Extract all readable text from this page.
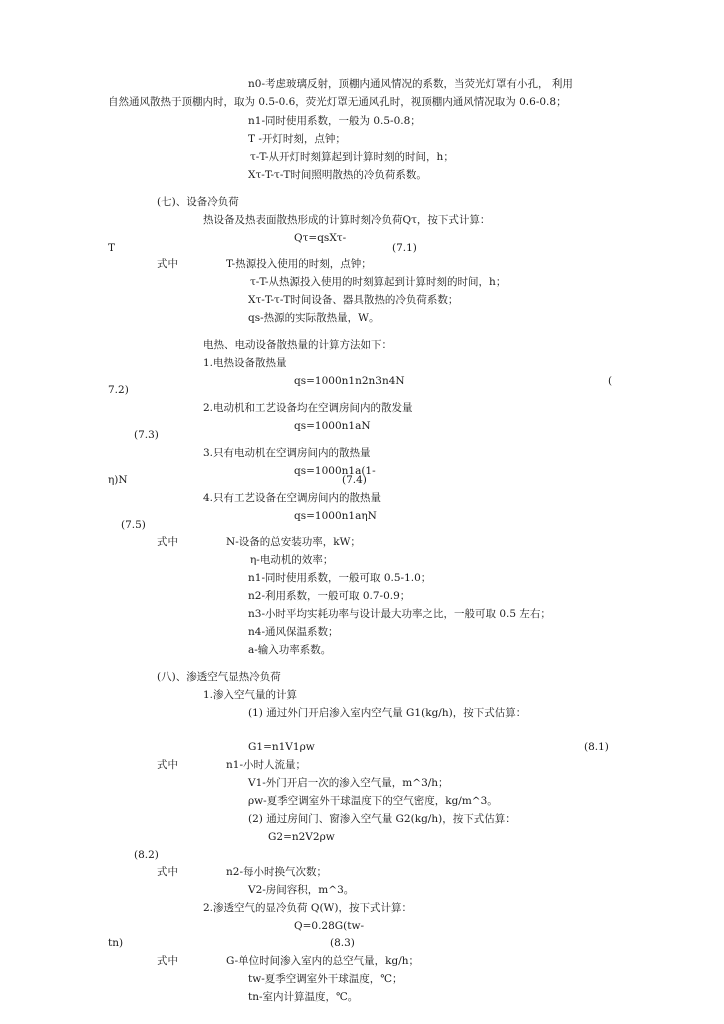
n0-考虑玻璃反射，顶棚内通风情况的系数，当荧光灯罩有小孔， 利用
自然通风散热于顶棚内时，取为 0.5-0.6，荧光灯罩无通风孔时，视顶棚内通风情况取为 0.6-0.8；
n1-同时使用系数，一般为 0.5-0.8；
T -开灯时刻，点钟；
τ-T-从开灯时刻算起到计算时刻的时间，h；
Xτ-T-τ-T时间照明散热的冷负荷系数。
(七)、设备冷负荷
热设备及热表面散热形成的计算时刻冷负荷Qτ，按下式计算：
Qτ=qsXτ-
T	(7.1)
式中	T-热源投入使用的时刻，点钟；
τ-T-从热源投入使用的时刻算起到计算时刻的时间，h；
Xτ-T-τ-T时间设备、器具散热的冷负荷系数；
qs-热源的实际散热量，W。
电热、电动设备散热量的计算方法如下：
1.电热设备散热量
qs=1000n1n2n3n4N	(
7.2)
2.电动机和工艺设备均在空调房间内的散发量
qs=1000n1aN
(7.3)
3.只有电动机在空调房间内的散热量
qs=1000n1a(1-
η)N	(7.4)
4.只有工艺设备在空调房间内的散热量
qs=1000n1aηN
(7.5)
式中	N-设备的总安装功率，kW；
η-电动机的效率；
n1-同时使用系数，一般可取 0.5-1.0；
n2-利用系数，一般可取 0.7-0.9；
n3-小时平均实耗功率与设计最大功率之比，一般可取 0.5 左右；
n4-通风保温系数；
a-输入功率系数。
(八)、渗透空气显热冷负荷
1.渗入空气量的计算
(1) 通过外门开启渗入室内空气量 G1(kg/h)，按下式估算：
G1=n1V1ρw	(8.1)
式中	n1-小时人流量；
V1-外门开启一次的渗入空气量，m^3/h；
ρw-夏季空调室外干球温度下的空气密度，kg/m^3。
(2) 通过房间门、窗渗入空气量 G2(kg/h)，按下式估算：
G2=n2V2ρw
(8.2)
式中	n2-每小时换气次数；
V2-房间容积，m^3。
2.渗透空气的显冷负荷 Q(W)，按下式计算：
Q=0.28G(tw-
tn)	(8.3)
式中	G-单位时间渗入室内的总空气量，kg/h；
tw-夏季空调室外干球温度，℃；
tn-室内计算温度，℃。
